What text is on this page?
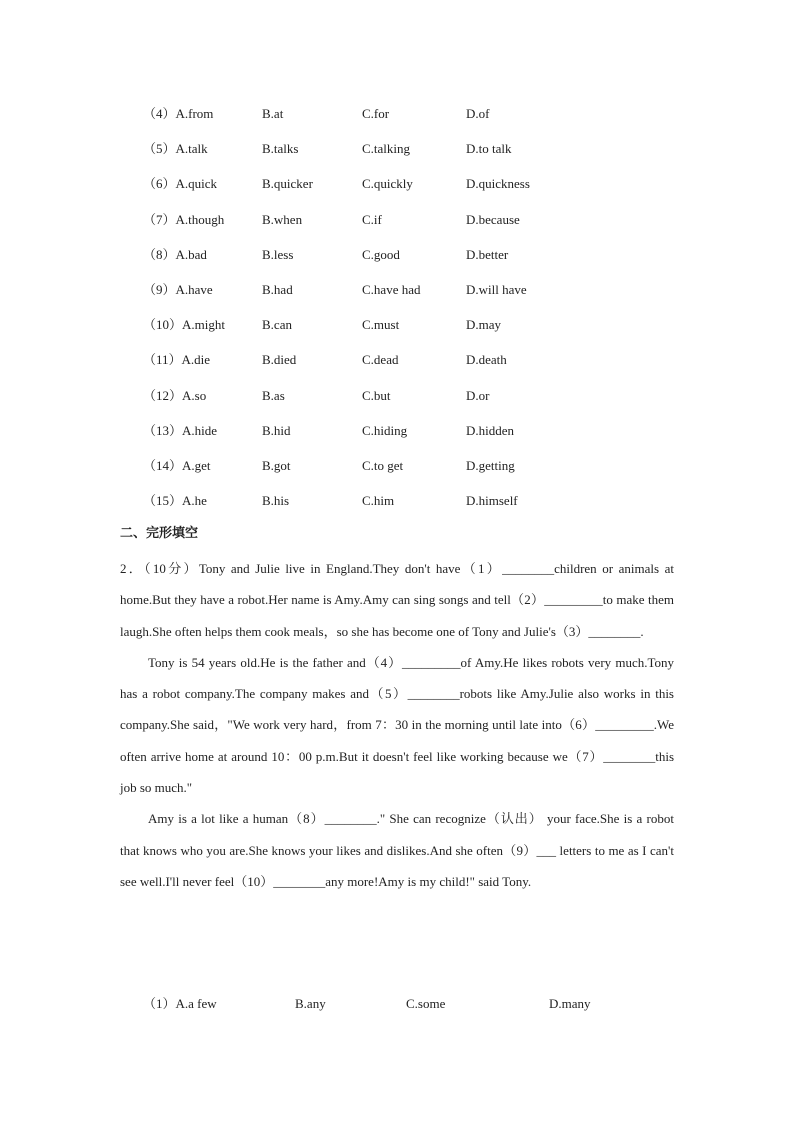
（4）A.from	B.at	C.for	D.of
（5）A.talk	B.talks	C.talking	D.to talk
（6）A.quick	B.quicker	C.quickly	D.quickness
（7）A.though	B.when	C.if	D.because
（8）A.bad	B.less	C.good	D.better
（9）A.have	B.had	C.have had	D.will have
（10）A.might	B.can	C.must	D.may
（11）A.die	B.died	C.dead	D.death
（12）A.so	B.as	C.but	D.or
（13）A.hide	B.hid	C.hiding	D.hidden
（14）A.get	B.got	C.to get	D.getting
（15）A.he	B.his	C.him	D.himself
二、完形填空

2．（10分）Tony and Julie live in England.They don't have（1）________children or animals at home.But they have a robot.Her name is Amy.Amy can sing songs and tell（2）_________to make them laugh.She often helps them cook meals，so she has become one of Tony and Julie's（3）________.

Tony is 54 years old.He is the father and（4）_________of Amy.He likes robots very much.Tony has a robot company.The company makes and（5）________robots like Amy.Julie also works in this company.She said，"We work very hard，from 7：30 in the morning until late into（6）_________.We often arrive home at around 10：00 p.m.But it doesn't feel like working because we（7）________this job so much."

Amy is a lot like a human（8）________." She can recognize（认出） your face.She is a robot that knows who you are.She knows your likes and dislikes.And she often（9）___ letters to me as I can't see well.I'll never feel（10）________any more!Amy is my child!" said Tony.

（1）A.a few	B.any	C.some	D.many
